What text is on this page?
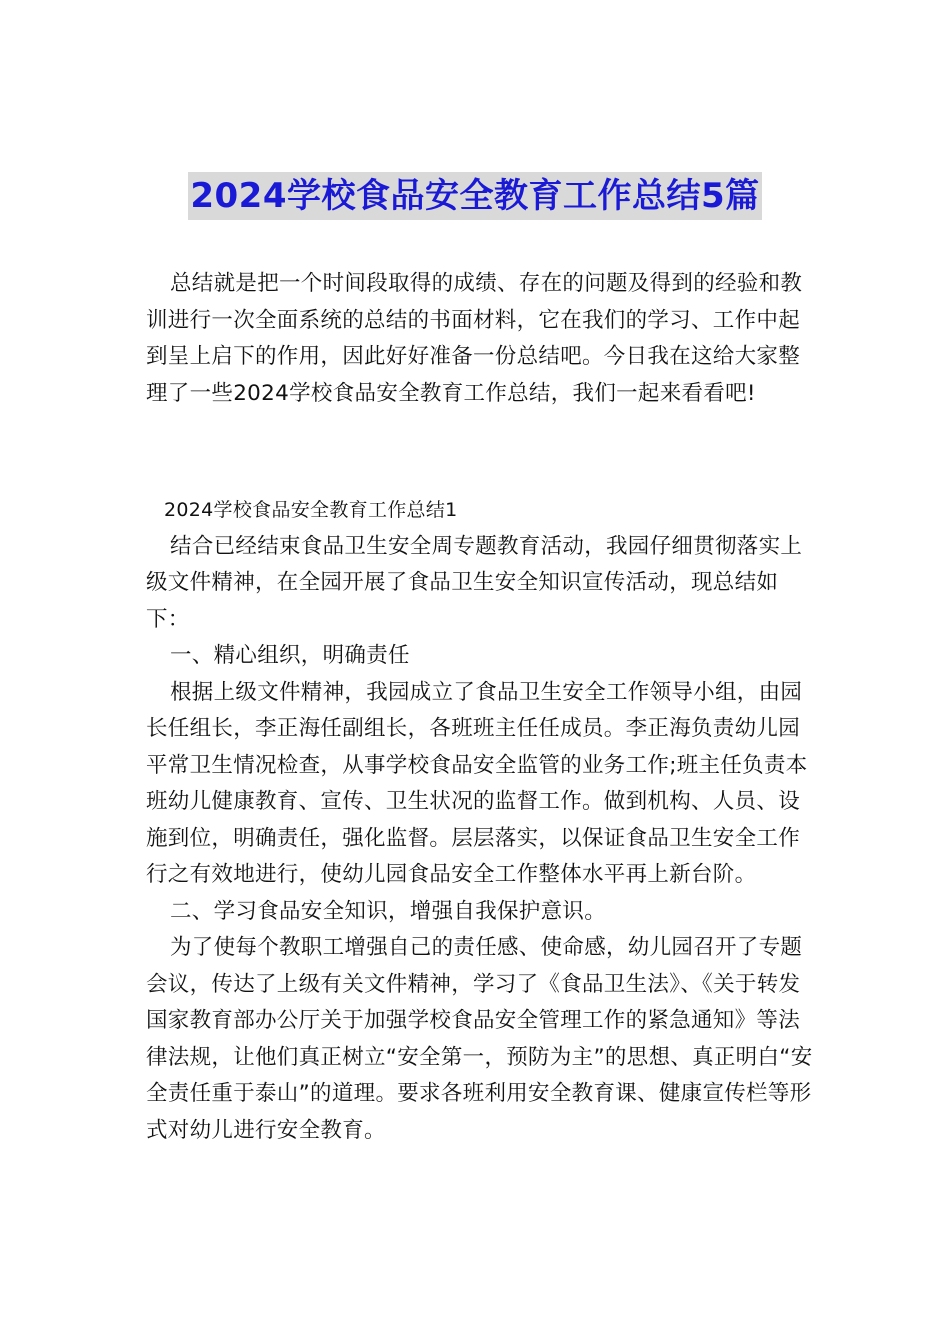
2024学校食品安全教育工作总结5篇

总结就是把一个时间段取得的成绩、存在的问题及得到的经验和教训进行一次全面系统的总结的书面材料，它在我们的学习、工作中起到呈上启下的作用，因此好好准备一份总结吧。今日我在这给大家整理了一些2024学校食品安全教育工作总结，我们一起来看看吧!

2024学校食品安全教育工作总结1

结合已经结束食品卫生安全周专题教育活动，我园仔细贯彻落实上级文件精神，在全园开展了食品卫生安全知识宣传活动，现总结如下：

一、精心组织，明确责任

根据上级文件精神，我园成立了食品卫生安全工作领导小组，由园长任组长，李正海任副组长，各班班主任任成员。李正海负责幼儿园平常卫生情况检查，从事学校食品安全监管的业务工作;班主任负责本班幼儿健康教育、宣传、卫生状况的监督工作。做到机构、人员、设施到位，明确责任，强化监督。层层落实，以保证食品卫生安全工作行之有效地进行，使幼儿园食品安全工作整体水平再上新台阶。

二、学习食品安全知识，增强自我保护意识。

为了使每个教职工增强自己的责任感、使命感，幼儿园召开了专题会议，传达了上级有关文件精神，学习了《食品卫生法》、《关于转发国家教育部办公厅关于加强学校食品安全管理工作的紧急通知》等法律法规，让他们真正树立“安全第一，预防为主”的思想、真正明白“安全责任重于泰山”的道理。要求各班利用安全教育课、健康宣传栏等形式对幼儿进行安全教育。
